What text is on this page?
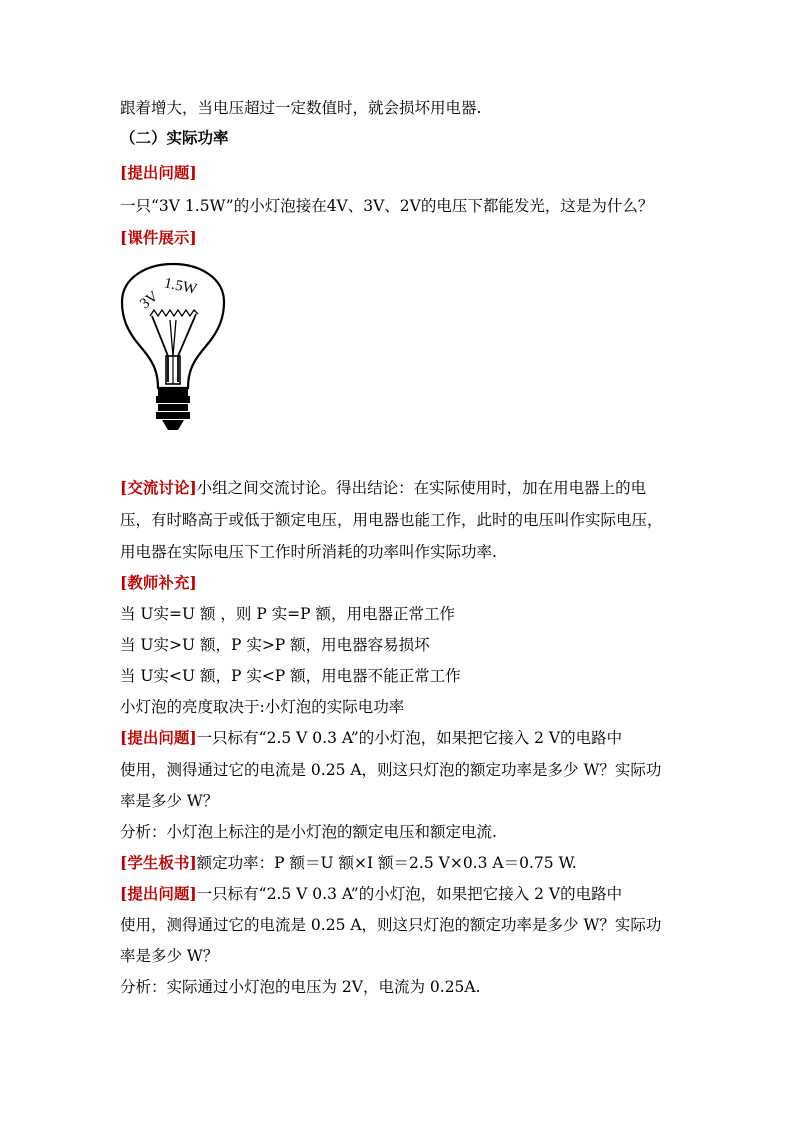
跟着增大，当电压超过一定数值时，就会损坏用电器.
（二）实际功率
[提出问题]
一只“3V 1.5W”的小灯泡接在4V、3V、2V的电压下都能发光，这是为什么？
[课件展示]
3V
1.5W
[交流讨论]小组之间交流讨论。得出结论：在实际使用时，加在用电器上的电
压，有时略高于或低于额定电压，用电器也能工作，此时的电压叫作实际电压，
用电器在实际电压下工作时所消耗的功率叫作实际功率.
[教师补充]
当 U实=U 额 ，则 P 实=P 额，用电器正常工作
当 U实>U 额，P 实>P 额，用电器容易损坏
当 U实<U 额，P 实<P 额，用电器不能正常工作
小灯泡的亮度取决于:小灯泡的实际电功率
[提出问题]一只标有“2.5 V 0.3 A”的小灯泡，如果把它接入 2 V的电路中
使用，测得通过它的电流是 0.25 A，则这只灯泡的额定功率是多少 W？实际功
率是多少 W？
分析：小灯泡上标注的是小灯泡的额定电压和额定电流.
[学生板书]额定功率：P 额＝U 额×I 额＝2.5 V×0.3 A＝0.75 W.
[提出问题]一只标有“2.5 V 0.3 A”的小灯泡，如果把它接入 2 V的电路中
使用，测得通过它的电流是 0.25 A，则这只灯泡的额定功率是多少 W？实际功
率是多少 W？
分析：实际通过小灯泡的电压为 2V，电流为 0.25A.
